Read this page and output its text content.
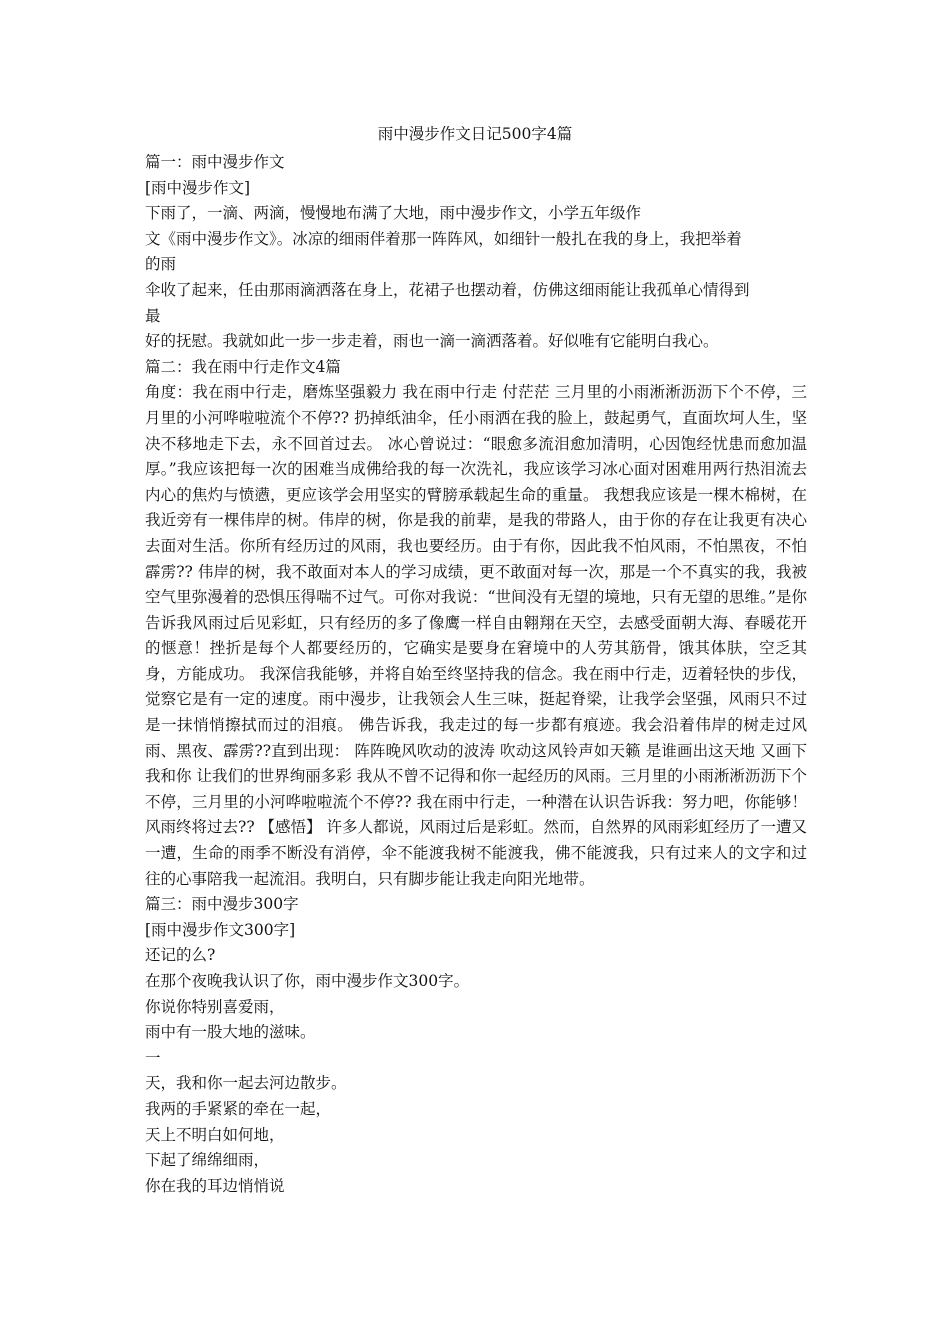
雨中漫步作文日记500字4篇
篇一：雨中漫步作文
[雨中漫步作文]
下雨了，一滴、两滴，慢慢地布满了大地，雨中漫步作文，小学五年级作
文《雨中漫步作文》。冰凉的细雨伴着那一阵阵风，如细针一般扎在我的身上，我把举着
的雨
伞收了起来，任由那雨滴洒落在身上，花裙子也摆动着，仿佛这细雨能让我孤单心情得到
最
好的抚慰。我就如此一步一步走着，雨也一滴一滴洒落着。好似唯有它能明白我心。
篇二：我在雨中行走作文4篇
角度：我在雨中行走，磨炼坚强毅力 我在雨中行走 付茫茫 三月里的小雨淅淅沥沥下个不停，三月里的小河哗啦啦流个不停?? 扔掉纸油伞，任小雨洒在我的脸上，鼓起勇气，直面坎坷人生，坚决不移地走下去，永不回首过去。 冰心曾说过：“眼愈多流泪愈加清明，心因饱经忧患而愈加温厚。”我应该把每一次的困难当成佛给我的每一次洗礼，我应该学习冰心面对困难用两行热泪流去内心的焦灼与愤懑，更应该学会用坚实的臂膀承载起生命的重量。 我想我应该是一棵木棉树，在我近旁有一棵伟岸的树。伟岸的树，你是我的前辈，是我的带路人，由于你的存在让我更有决心去面对生活。你所有经历过的风雨，我也要经历。由于有你，因此我不怕风雨，不怕黑夜，不怕霹雳?? 伟岸的树，我不敢面对本人的学习成绩，更不敢面对每一次，那是一个不真实的我，我被空气里弥漫着的恐惧压得喘不过气。可你对我说：“世间没有无望的境地，只有无望的思维。”是你告诉我风雨过后见彩虹，只有经历的多了像鹰一样自由翱翔在天空，去感受面朝大海、春暖花开的惬意！挫折是每个人都要经历的，它确实是要身在窘境中的人劳其筋骨，饿其体肤，空乏其身，方能成功。 我深信我能够，并将自始至终坚持我的信念。我在雨中行走，迈着轻快的步伐，觉察它是有一定的速度。雨中漫步，让我领会人生三味，挺起脊梁，让我学会坚强，风雨只不过是一抹悄悄擦拭而过的泪痕。 佛告诉我，我走过的每一步都有痕迹。我会沿着伟岸的树走过风雨、黑夜、霹雳??直到出现： 阵阵晚风吹动的波涛 吹动这风铃声如天籁 是谁画出这天地 又画下我和你 让我们的世界绚丽多彩 我从不曾不记得和你一起经历的风雨。三月里的小雨淅淅沥沥下个不停，三月里的小河哗啦啦流个不停?? 我在雨中行走，一种潜在认识告诉我：努力吧，你能够！风雨终将过去?? 【感悟】 许多人都说，风雨过后是彩虹。然而，自然界的风雨彩虹经历了一遭又一遭，生命的雨季不断没有消停，伞不能渡我树不能渡我，佛不能渡我，只有过来人的文字和过往的心事陪我一起流泪。我明白，只有脚步能让我走向阳光地带。
篇三：雨中漫步300字
[雨中漫步作文300字]
还记的么?
在那个夜晚我认识了你，雨中漫步作文300字。
你说你特别喜爱雨，
雨中有一股大地的滋味。
一
天，我和你一起去河边散步。
我两的手紧紧的牵在一起，
天上不明白如何地，
下起了绵绵细雨，
你在我的耳边悄悄说
